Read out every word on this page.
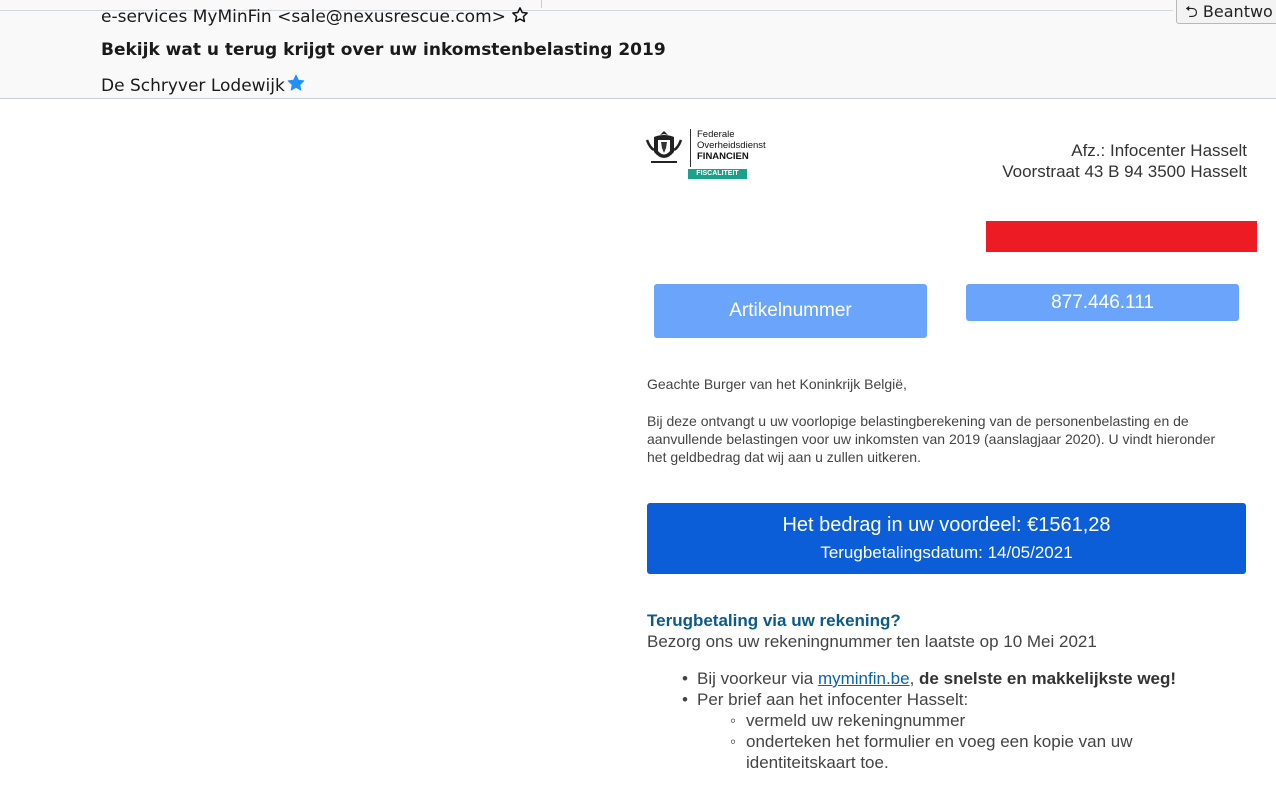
⮌ Beantwo
e-services MyMinFin <sale@nexusrescue.com>
Bekijk wat u terug krijgt over uw inkomstenbelasting 2019
De Schryver Lodewijk
Federale
Overheidsdienst
FINANCIEN
FISCALITEIT
Afz.: Infocenter Hasselt
Voorstraat 43 B 94 3500 Hasselt
Artikelnummer	877.446.111
Geachte Burger van het Koninkrijk België,
Bij deze ontvangt u uw voorlopige belastingberekening van de personenbelasting en de aanvullende belastingen voor uw inkomsten van 2019 (aanslagjaar 2020). U vindt hieronder het geldbedrag dat wij aan u zullen uitkeren.
Het bedrag in uw voordeel: €1561,28
Terugbetalingsdatum: 14/05/2021
Terugbetaling via uw rekening?
Bezorg ons uw rekeningnummer ten laatste op 10 Mei 2021
• Bij voorkeur via myminfin.be, de snelste en makkelijkste weg!
• Per brief aan het infocenter Hasselt:
◦ vermeld uw rekeningnummer
◦ onderteken het formulier en voeg een kopie van uw
identiteitskaart toe.
